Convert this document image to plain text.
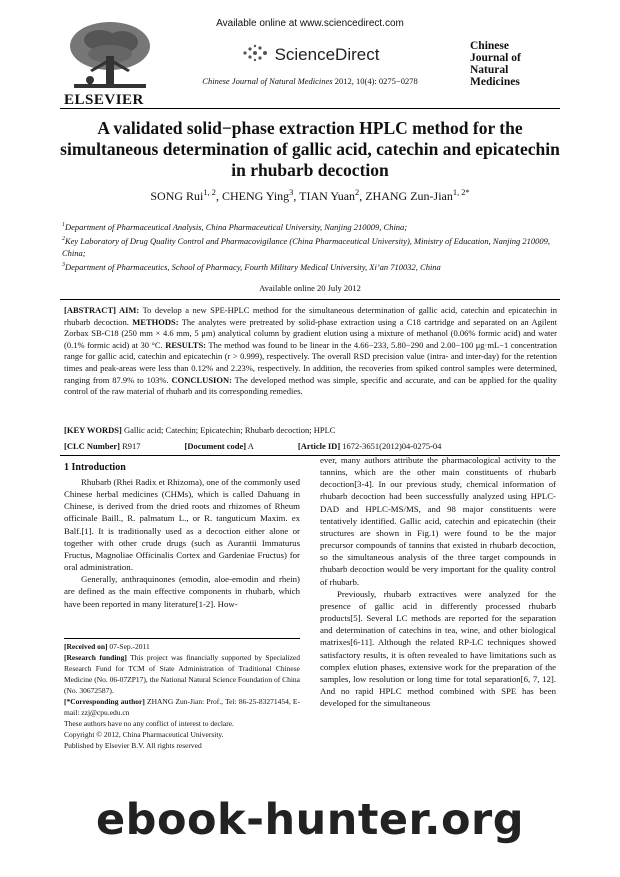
ELSEVIER
Available online at www.sciencedirect.com
ScienceDirect
Chinese Journal of Natural Medicines 2012, 10(4): 0275−0278
Chinese
Journal of
Natural
Medicines
A validated solid−phase extraction HPLC method for the simultaneous determination of gallic acid, catechin and epicatechin in rhubarb decoction
SONG Rui$^{1, 2}$, CHENG Ying$^3$, TIAN Yuan$^2$, ZHANG Zun-Jian$^{1, 2*}$

$^1$Department of Pharmaceutical Analysis, China Pharmaceutical University, Nanjing 210009, China;

$^2$Key Laboratory of Drug Quality Control and Pharmacovigilance (China Pharmaceutical University), Ministry of Education, Nanjing 210009, China;

$^3$Department of Pharmaceutics, School of Pharmacy, Fourth Military Medical University, Xi’an 710032, China

Available online 20 July 2012
[ABSTRACT] AIM: To develop a new SPE-HPLC method for the simultaneous determination of gallic acid, catechin and epicatechin in rhubarb decoction. METHODS: The analytes were pretreated by solid-phase extraction using a C18 cartridge and separated on an Agilent Zorbax SB-C18 (250 mm × 4.6 mm, 5 μm) analytical column by gradient elution using a mixture of methanol (0.06% formic acid) and water (0.1% formic acid) at 30 °C. RESULTS: The method was found to be linear in the 4.66−233, 5.80−290 and 2.00−100 μg·mL−1 concentration range for gallic acid, catechin and epicatechin (r > 0.999), respectively. The overall RSD precision value (intra- and inter-day) for the retention times and peak-areas were less than 0.12% and 2.23%, respectively. In addition, the recoveries from spiked control samples were determined, ranging from 87.9% to 103%. CONCLUSION: The developed method was simple, specific and accurate, and can be applied for the quality control of the raw material of rhubarb and its corresponding remedies.
[KEY WORDS] Gallic acid; Catechin; Epicatechin; Rhubarb decoction; HPLC
[CLC Number] R917	[Document code] A	[Article ID] 1672-3651(2012)04-0275-04
1 Introduction

Rhubarb (Rhei Radix et Rhizoma), one of the commonly used Chinese herbal medicines (CHMs), which is called Dahuang in Chinese, is derived from the dried roots and rhizomes of Rheum officinale Baill., R. palmatum L., or R. tanguticum Maxim. ex Balf.[1]. It is traditionally used as a decoction either alone or together with other crude drugs (such as Aurantii Immaturus Fructus, Magnoliae Officinalis Cortex and Gardeniae Fructus) for oral administration.

Generally, anthraquinones (emodin, aloe-emodin and rhein) are defined as the main effective components in rhubarb, which have been reported in many literature[1-2]. How-

ever, many authors attribute the pharmacological activity to the tannins, which are the other main constituents of rhubarb decoction[3-4]. In our previous study, chemical information of rhubarb decoction had been successfully analyzed using HPLC-DAD and HPLC-MS/MS, and 98 major constituents were tentatively identified. Gallic acid, catechin and epicatechin (their structures are shown in Fig.1) were found to be the major precursor compounds of tannins that existed in rhubarb decoction, so the simultaneous analysis of the three target compounds in rhubarb decoction would be very important for the quality control of rhubarb.

Previously, rhubarb extractives were analyzed for the presence of gallic acid in differently processed rhubarb products[5]. Several LC methods are reported for the separation and determination of catechins in tea, wine, and other biological matrixes[6-11]. Although the related RP-LC techniques showed satisfactory results, it is often revealed to have limitations such as complex elution phases, extensive work for the preparation of the samples, low resolution or long time for total separation[6, 7, 12]. And no rapid HPLC method combined with SPE has been developed for the simultaneous

[Received on] 07-Sep.-2011

[Research funding] This project was financially supported by Specialized Research Fund for TCM of State Administration of Traditional Chinese Medicine (No. 06-07ZP17), the National Natural Science Foundation of China (No. 30672587).

[*Corresponding author] ZHANG Zun-Jian: Prof., Tel: 86-25-83271454, E-mail: zzj@cpu.edu.cn

These authors have no any conflict of interest to declare.

Copyright © 2012, China Pharmaceutical University.

Published by Elsevier B.V. All rights reserved

ebook-hunter.org
